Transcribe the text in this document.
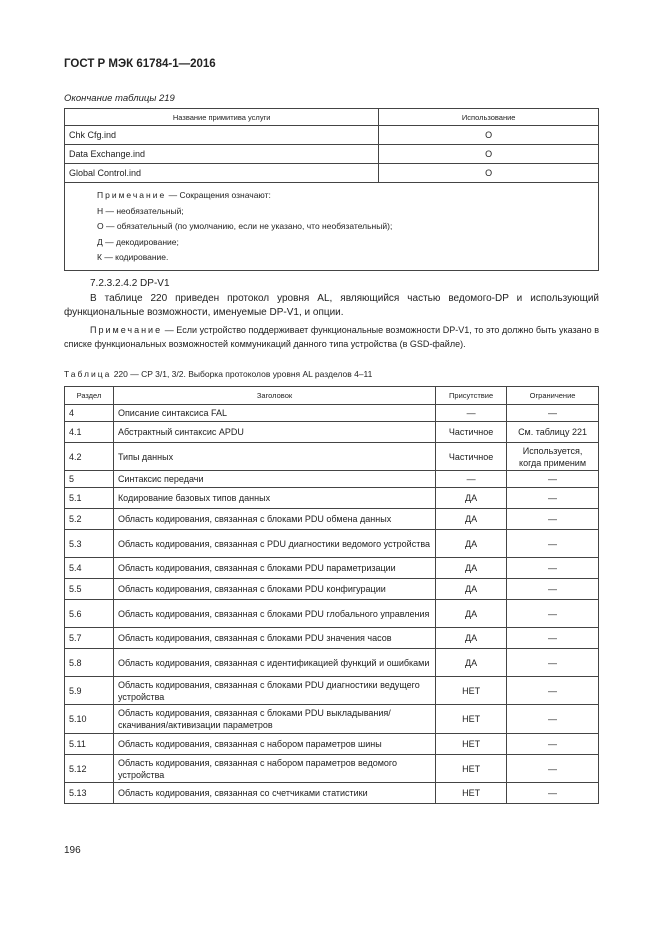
ГОСТ Р МЭК 61784-1—2016
Окончание таблицы 219
Название примитива услуги	Использование
Chk Cfg.ind	O
Data Exchange.ind	O
Global Control.ind	O

Примечание — Сокращения означают:
Н — необязательный;
О — обязательный (по умолчанию, если не указано, что необязательный);
Д — декодирование;
К — кодирование.	
7.2.3.2.4.2 DP-V1
В таблице 220 приведен протокол уровня AL, являющийся частью ведомого-DP и использующий функциональные возможности, именуемые DP-V1, и опции.
Примечание — Если устройство поддерживает функциональные возможности DP-V1, то это должно быть указано в списке функциональных возможностей коммуникаций данного типа устройства (в GSD-файле).
Таблица 220 — CP 3/1, 3/2. Выборка протоколов уровня AL разделов 4–11
Раздел	Заголовок	Присутствие	Ограничение
4	Описание синтаксиса FAL	—	—
4.1	Абстрактный синтаксис APDU	Частичное	См. таблицу 221
4.2	Типы данных	Частичное	Используется, когда применим
5	Синтаксис передачи	—	—
5.1	Кодирование базовых типов данных	ДА	—
5.2	Область кодирования, связанная с блоками PDU обмена данных	ДА	—
5.3	Область кодирования, связанная с PDU диагностики ведомого устройства	ДА	—
5.4	Область кодирования, связанная с блоками PDU параметризации	ДА	—
5.5	Область кодирования, связанная с блоками PDU конфигурации	ДА	—
5.6	Область кодирования, связанная с блоками PDU глобального управления	ДА	—
5.7	Область кодирования, связанная с блоками PDU значения часов	ДА	—
5.8	Область кодирования, связанная с идентификацией функций и ошибками	ДА	—
5.9	Область кодирования, связанная с блоками PDU диагностики ведущего устройства	НЕТ	—
5.10	Область кодирования, связанная с блоками PDU выкладывания/скачивания/активизации параметров	НЕТ	—
5.11	Область кодирования, связанная с набором параметров шины	НЕТ	—
5.12	Область кодирования, связанная с набором параметров ведомого устройства	НЕТ	—
5.13	Область кодирования, связанная со счетчиками статистики	НЕТ	—
196
